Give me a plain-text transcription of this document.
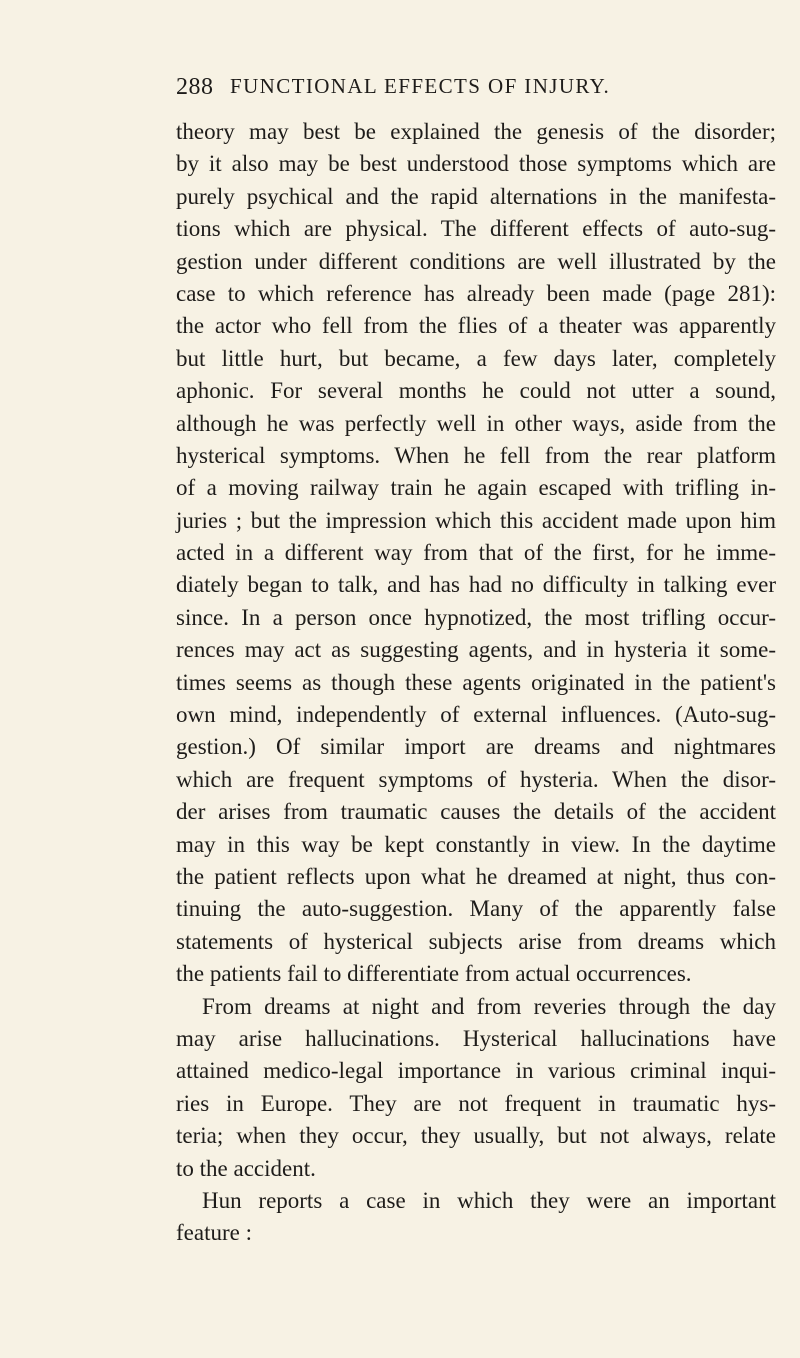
288 FUNCTIONAL EFFECTS OF INJURY.
theory may best be explained the genesis of the disorder;
by it also may be best understood those symptoms which are
purely psychical and the rapid alternations in the manifesta-
tions which are physical. The different effects of auto-sug-
gestion under different conditions are well illustrated by the
case to which reference has already been made (page 281):
the actor who fell from the flies of a theater was apparently
but little hurt, but became, a few days later, completely
aphonic. For several months he could not utter a sound,
although he was perfectly well in other ways, aside from the
hysterical symptoms. When he fell from the rear platform
of a moving railway train he again escaped with trifling in-
juries ; but the impression which this accident made upon him
acted in a different way from that of the first, for he imme-
diately began to talk, and has had no difficulty in talking ever
since. In a person once hypnotized, the most trifling occur-
rences may act as suggesting agents, and in hysteria it some-
times seems as though these agents originated in the patient's
own mind, independently of external influences. (Auto-sug-
gestion.) Of similar import are dreams and nightmares
which are frequent symptoms of hysteria. When the disor-
der arises from traumatic causes the details of the accident
may in this way be kept constantly in view. In the daytime
the patient reflects upon what he dreamed at night, thus con-
tinuing the auto-suggestion. Many of the apparently false
statements of hysterical subjects arise from dreams which
the patients fail to differentiate from actual occurrences.
From dreams at night and from reveries through the day
may arise hallucinations. Hysterical hallucinations have
attained medico-legal importance in various criminal inqui-
ries in Europe. They are not frequent in traumatic hys-
teria; when they occur, they usually, but not always, relate
to the accident.
Hun reports a case in which they were an important
feature :
